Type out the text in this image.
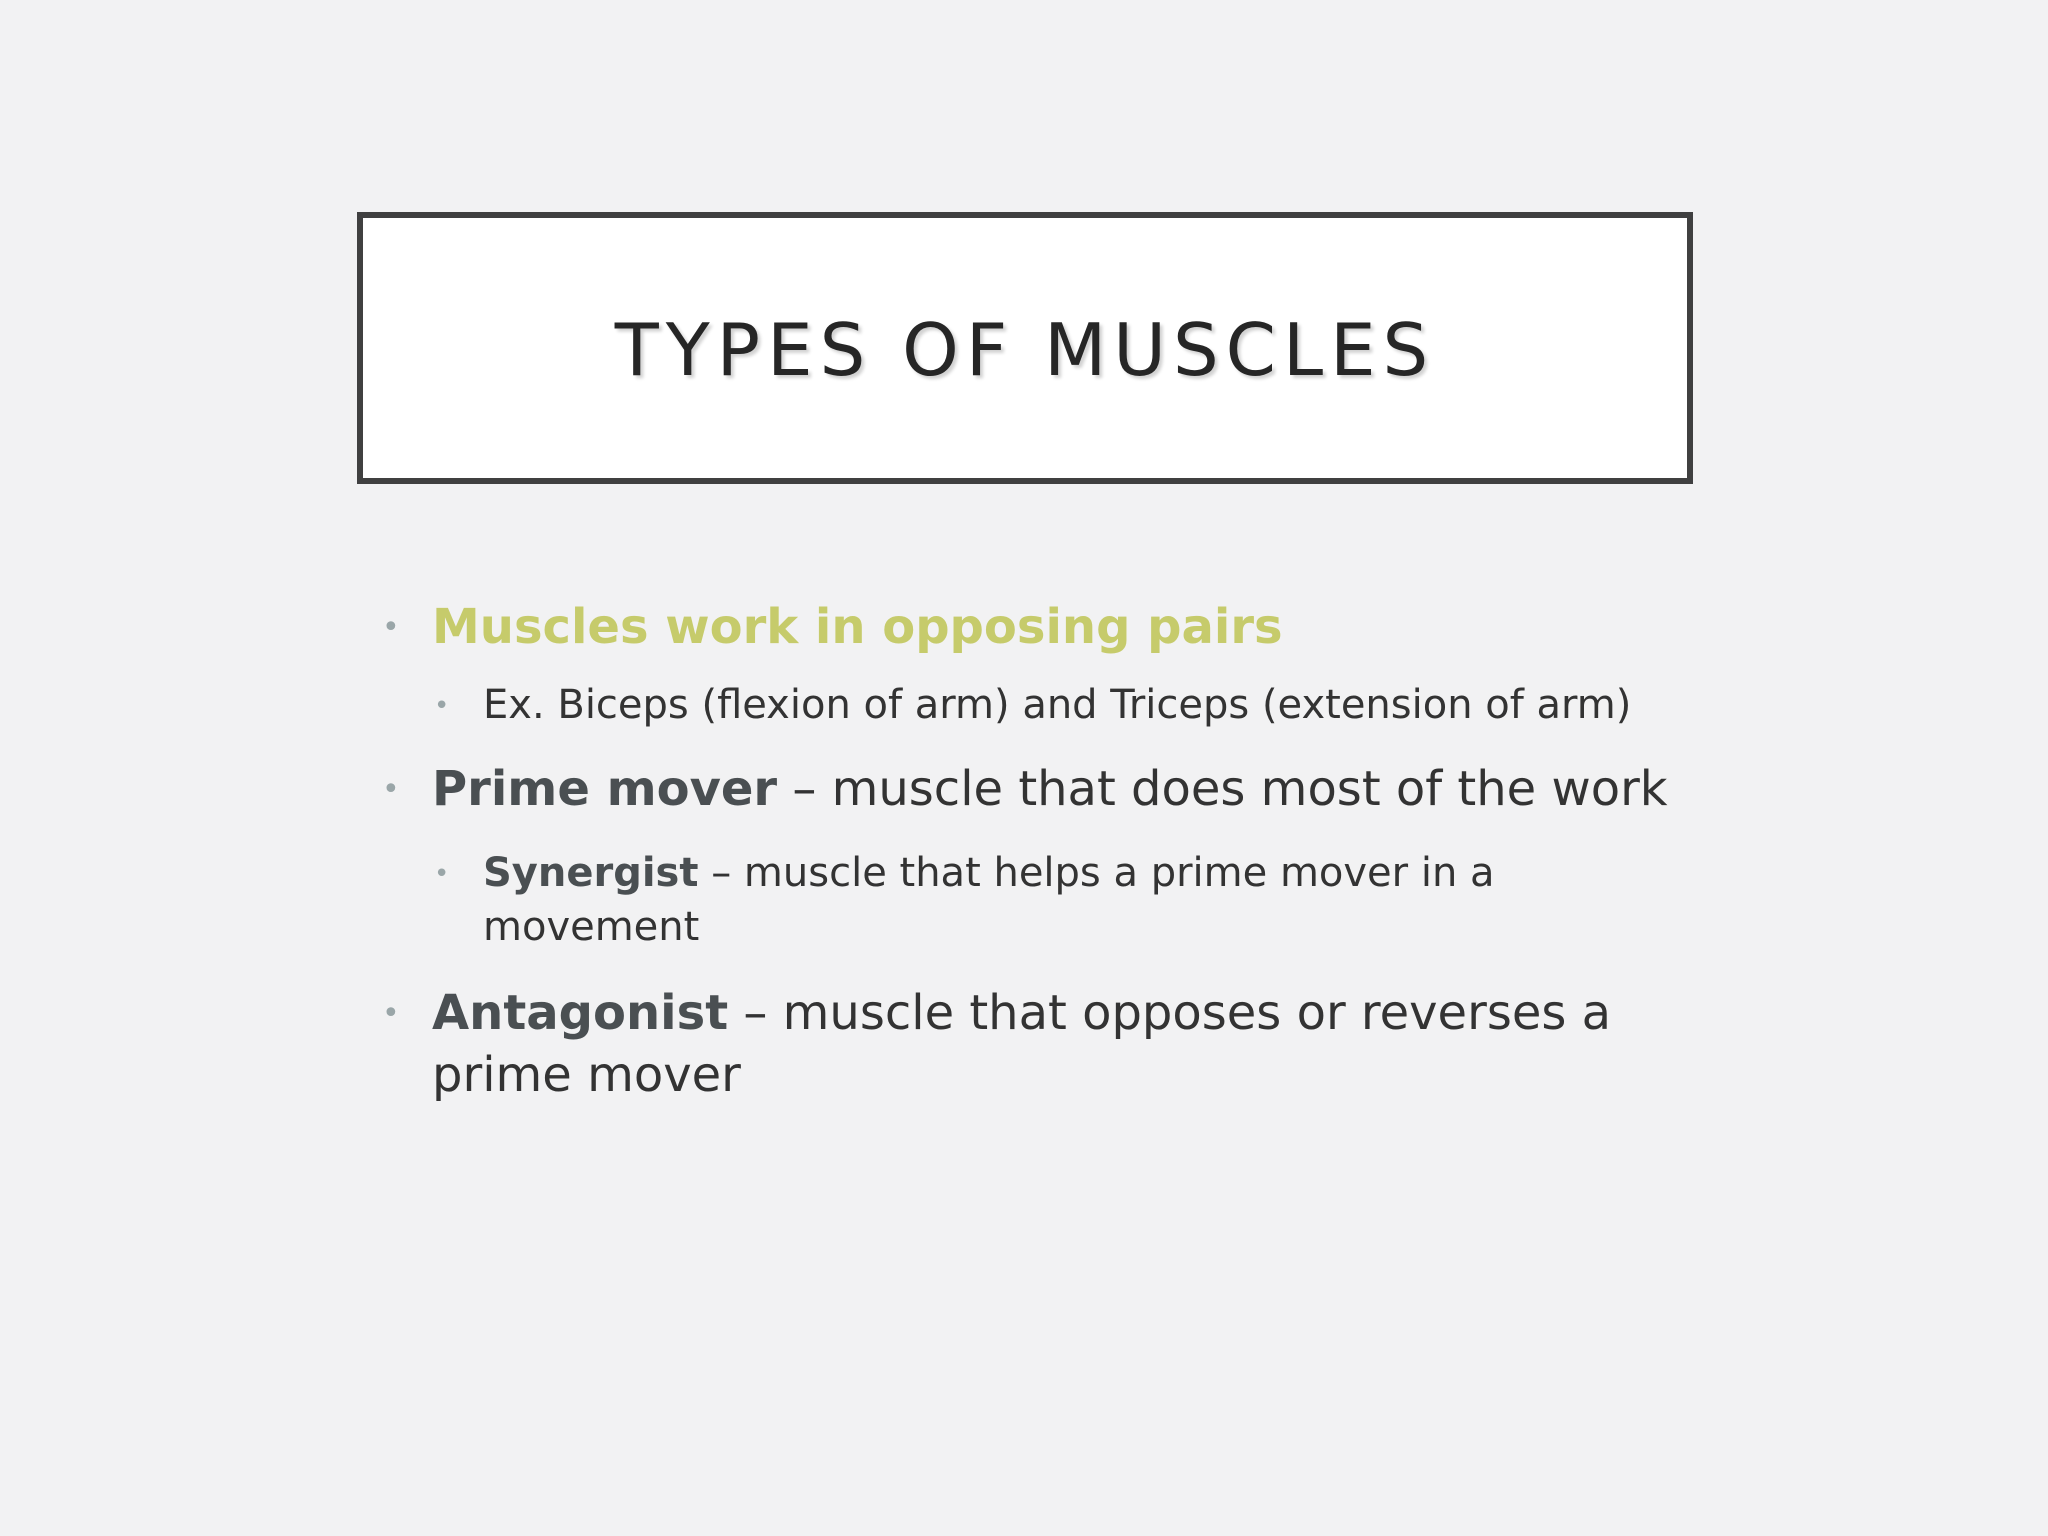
TYPES OF MUSCLES

• Muscles work in opposing pairs

• Ex. Biceps (flexion of arm) and Triceps (extension of arm)

• Prime mover – muscle that does most of the work

• Synergist – muscle that helps a prime mover in a movement

• Antagonist – muscle that opposes or reverses a prime mover
